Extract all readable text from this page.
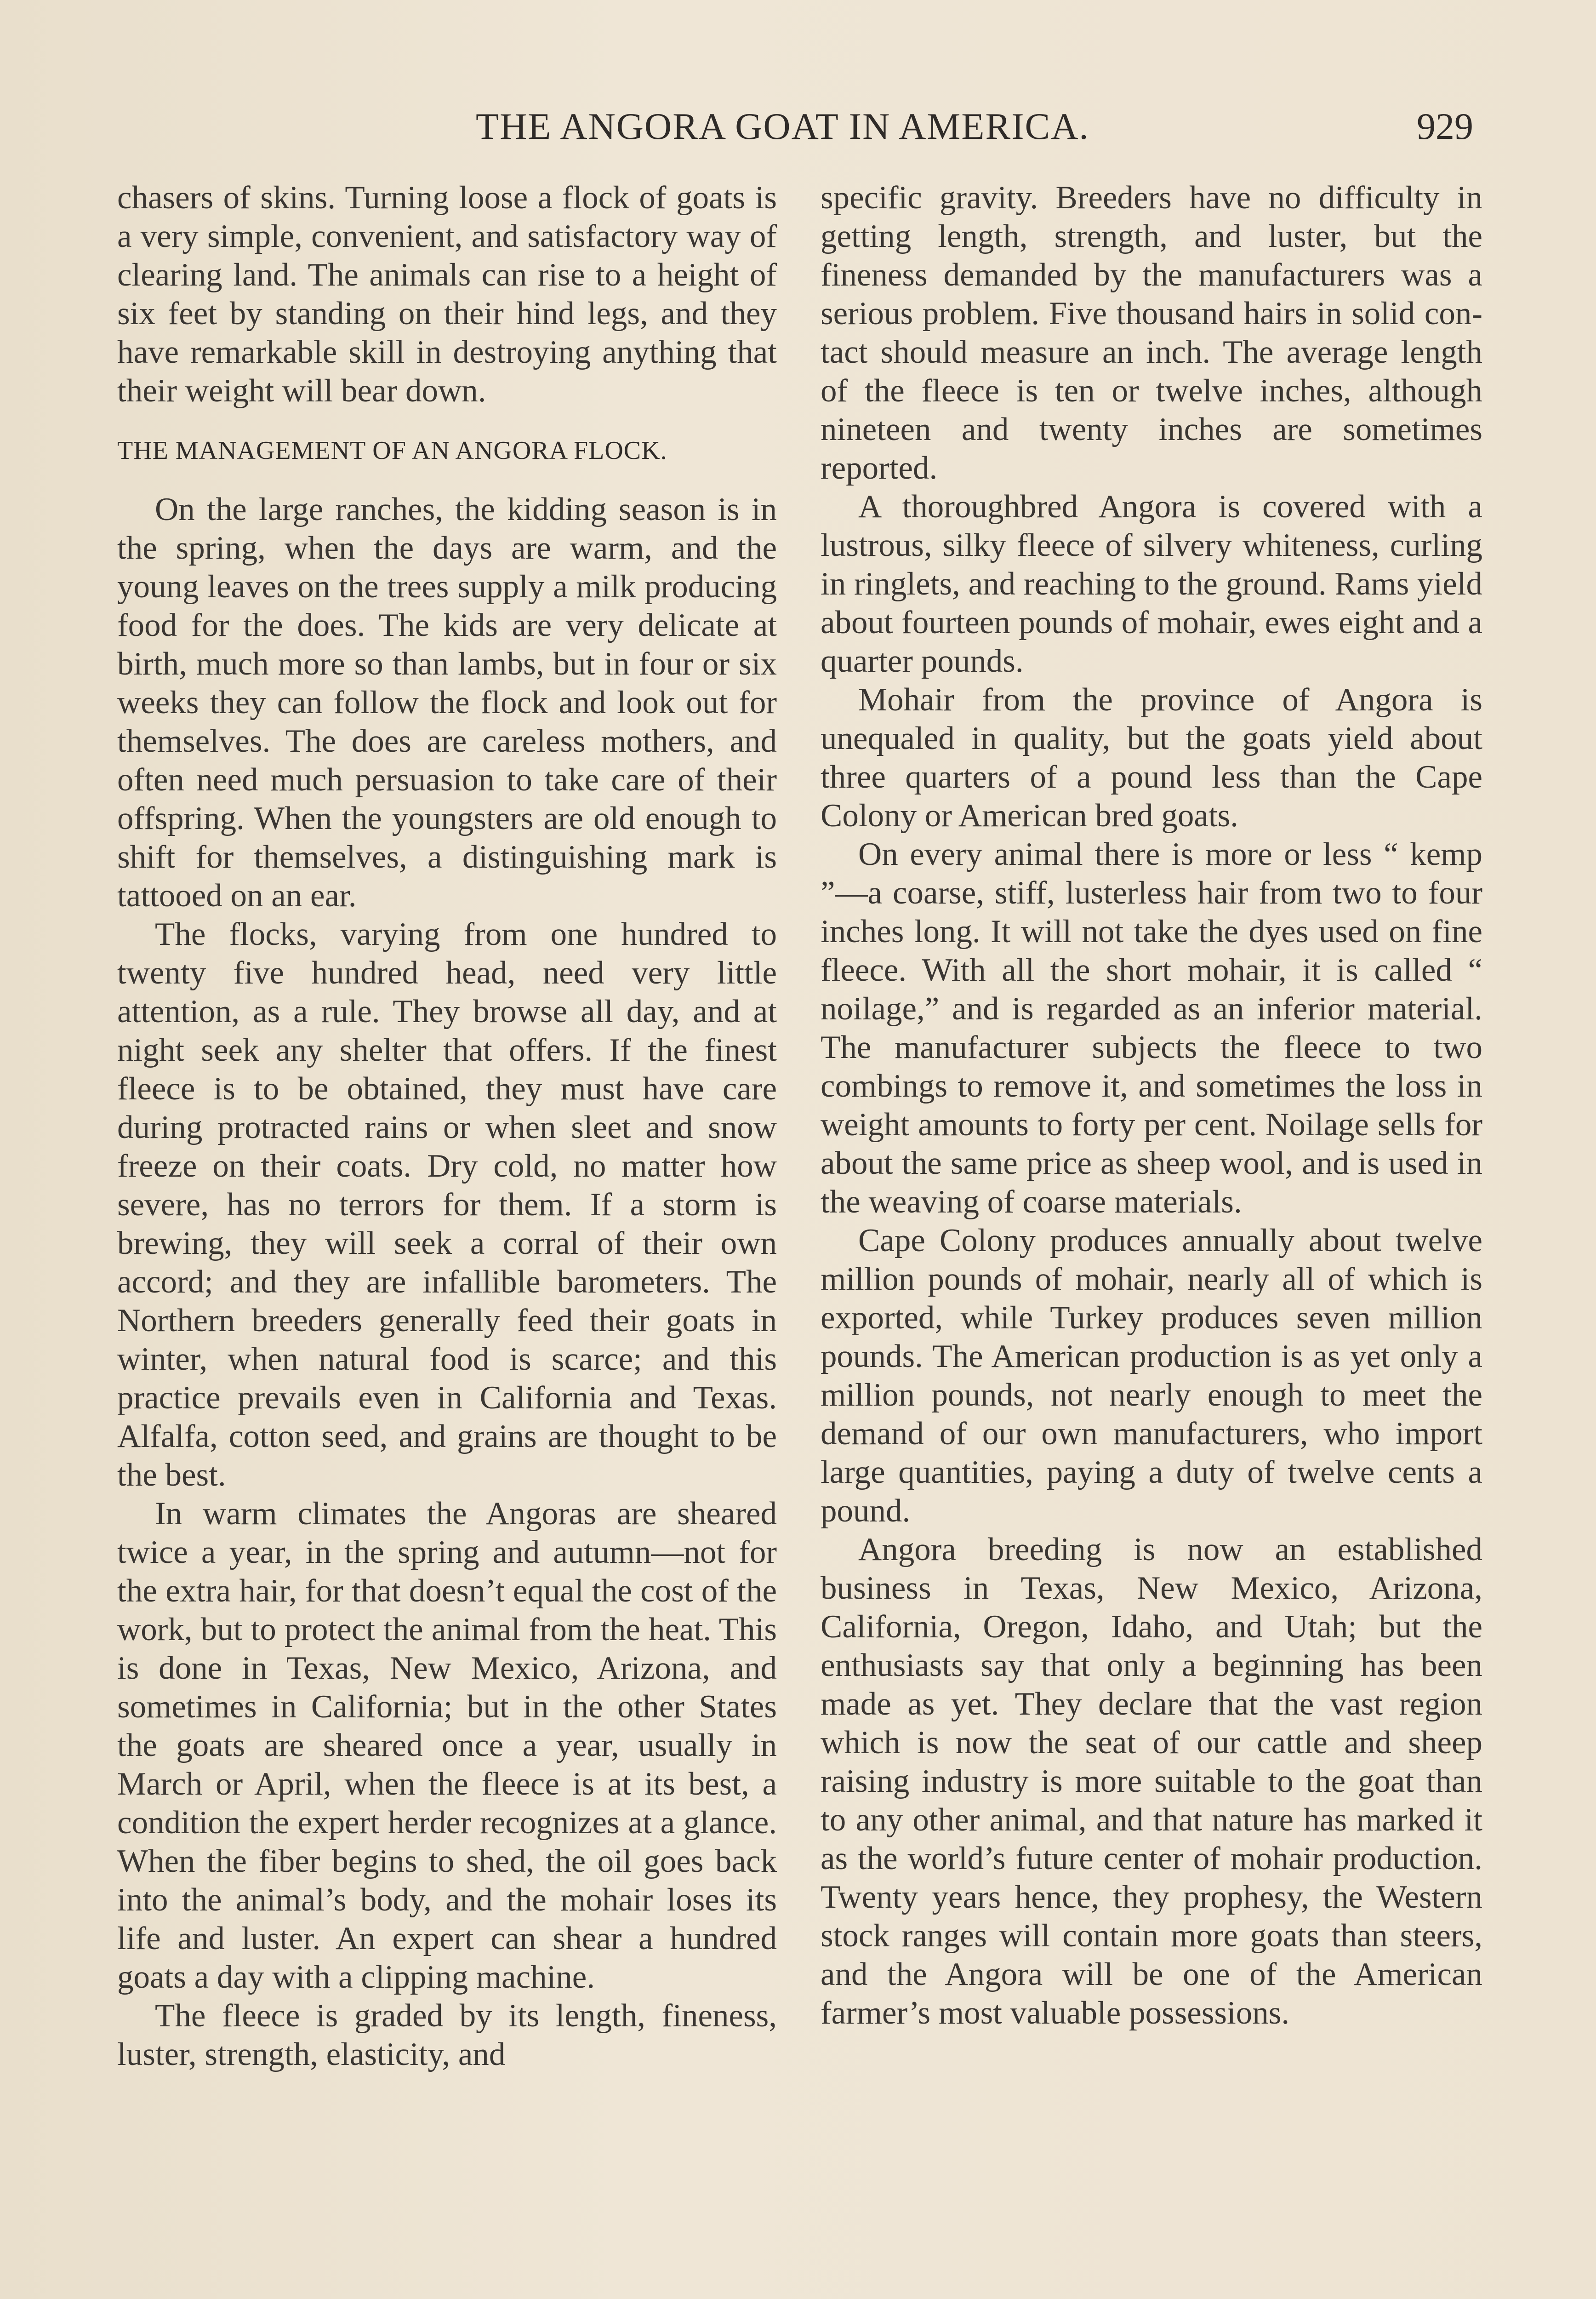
THE ANGORA GOAT IN AMERICA.	929

chasers of skins. Turning loose a flock of goats is a very simple, convenient, and satisfactory way of clearing land. The animals can rise to a height of six feet by standing on their hind legs, and they have remarkable skill in destroying anything that their weight will bear down.

THE MANAGEMENT OF AN ANGORA FLOCK.

On the large ranches, the kidding season is in the spring, when the days are warm, and the young leaves on the trees supply a milk producing food for the does. The kids are very delicate at birth, much more so than lambs, but in four or six weeks they can follow the flock and look out for themselves. The does are careless mothers, and often need much persuasion to take care of their offspring. When the youngsters are old enough to shift for themselves, a distinguishing mark is tattooed on an ear.

The flocks, varying from one hundred to twenty five hundred head, need very little attention, as a rule. They browse all day, and at night seek any shelter that offers. If the finest fleece is to be obtained, they must have care during protracted rains or when sleet and snow freeze on their coats. Dry cold, no matter how severe, has no terrors for them. If a storm is brewing, they will seek a corral of their own accord; and they are infallible barometers. The Northern breeders generally feed their goats in winter, when natural food is scarce; and this practice prevails even in California and Texas. Alfalfa, cotton seed, and grains are thought to be the best.

In warm climates the Angoras are sheared twice a year, in the spring and autumn—not for the extra hair, for that doesn’t equal the cost of the work, but to protect the animal from the heat. This is done in Texas, New Mexico, Arizona, and sometimes in California; but in the other States the goats are sheared once a year, usually in March or April, when the fleece is at its best, a condition the expert herder recognizes at a glance. When the fiber begins to shed, the oil goes back into the animal’s body, and the mohair loses its life and luster. An expert can shear a hundred goats a day with a clipping machine.

The fleece is graded by its length, fineness, luster, strength, elasticity, and

specific gravity. Breeders have no difficulty in getting length, strength, and luster, but the fineness demanded by the manufacturers was a serious problem. Five thousand hairs in solid contact should measure an inch. The average length of the fleece is ten or twelve inches, although nineteen and twenty inches are sometimes reported.

A thoroughbred Angora is covered with a lustrous, silky fleece of silvery whiteness, curling in ringlets, and reaching to the ground. Rams yield about fourteen pounds of mohair, ewes eight and a quarter pounds.

Mohair from the province of Angora is unequaled in quality, but the goats yield about three quarters of a pound less than the Cape Colony or American bred goats.

On every animal there is more or less “ kemp ”—a coarse, stiff, lusterless hair from two to four inches long. It will not take the dyes used on fine fleece. With all the short mohair, it is called “ noilage,” and is regarded as an inferior material. The manufacturer subjects the fleece to two combings to remove it, and sometimes the loss in weight amounts to forty per cent. Noilage sells for about the same price as sheep wool, and is used in the weaving of coarse materials.

Cape Colony produces annually about twelve million pounds of mohair, nearly all of which is exported, while Turkey produces seven million pounds. The American production is as yet only a million pounds, not nearly enough to meet the demand of our own manufacturers, who import large quantities, paying a duty of twelve cents a pound.

Angora breeding is now an established business in Texas, New Mexico, Arizona, California, Oregon, Idaho, and Utah; but the enthusiasts say that only a beginning has been made as yet. They declare that the vast region which is now the seat of our cattle and sheep raising industry is more suitable to the goat than to any other animal, and that nature has marked it as the world’s future center of mohair production. Twenty years hence, they prophesy, the Western stock ranges will contain more goats than steers, and the Angora will be one of the American farmer’s most valuable possessions.
